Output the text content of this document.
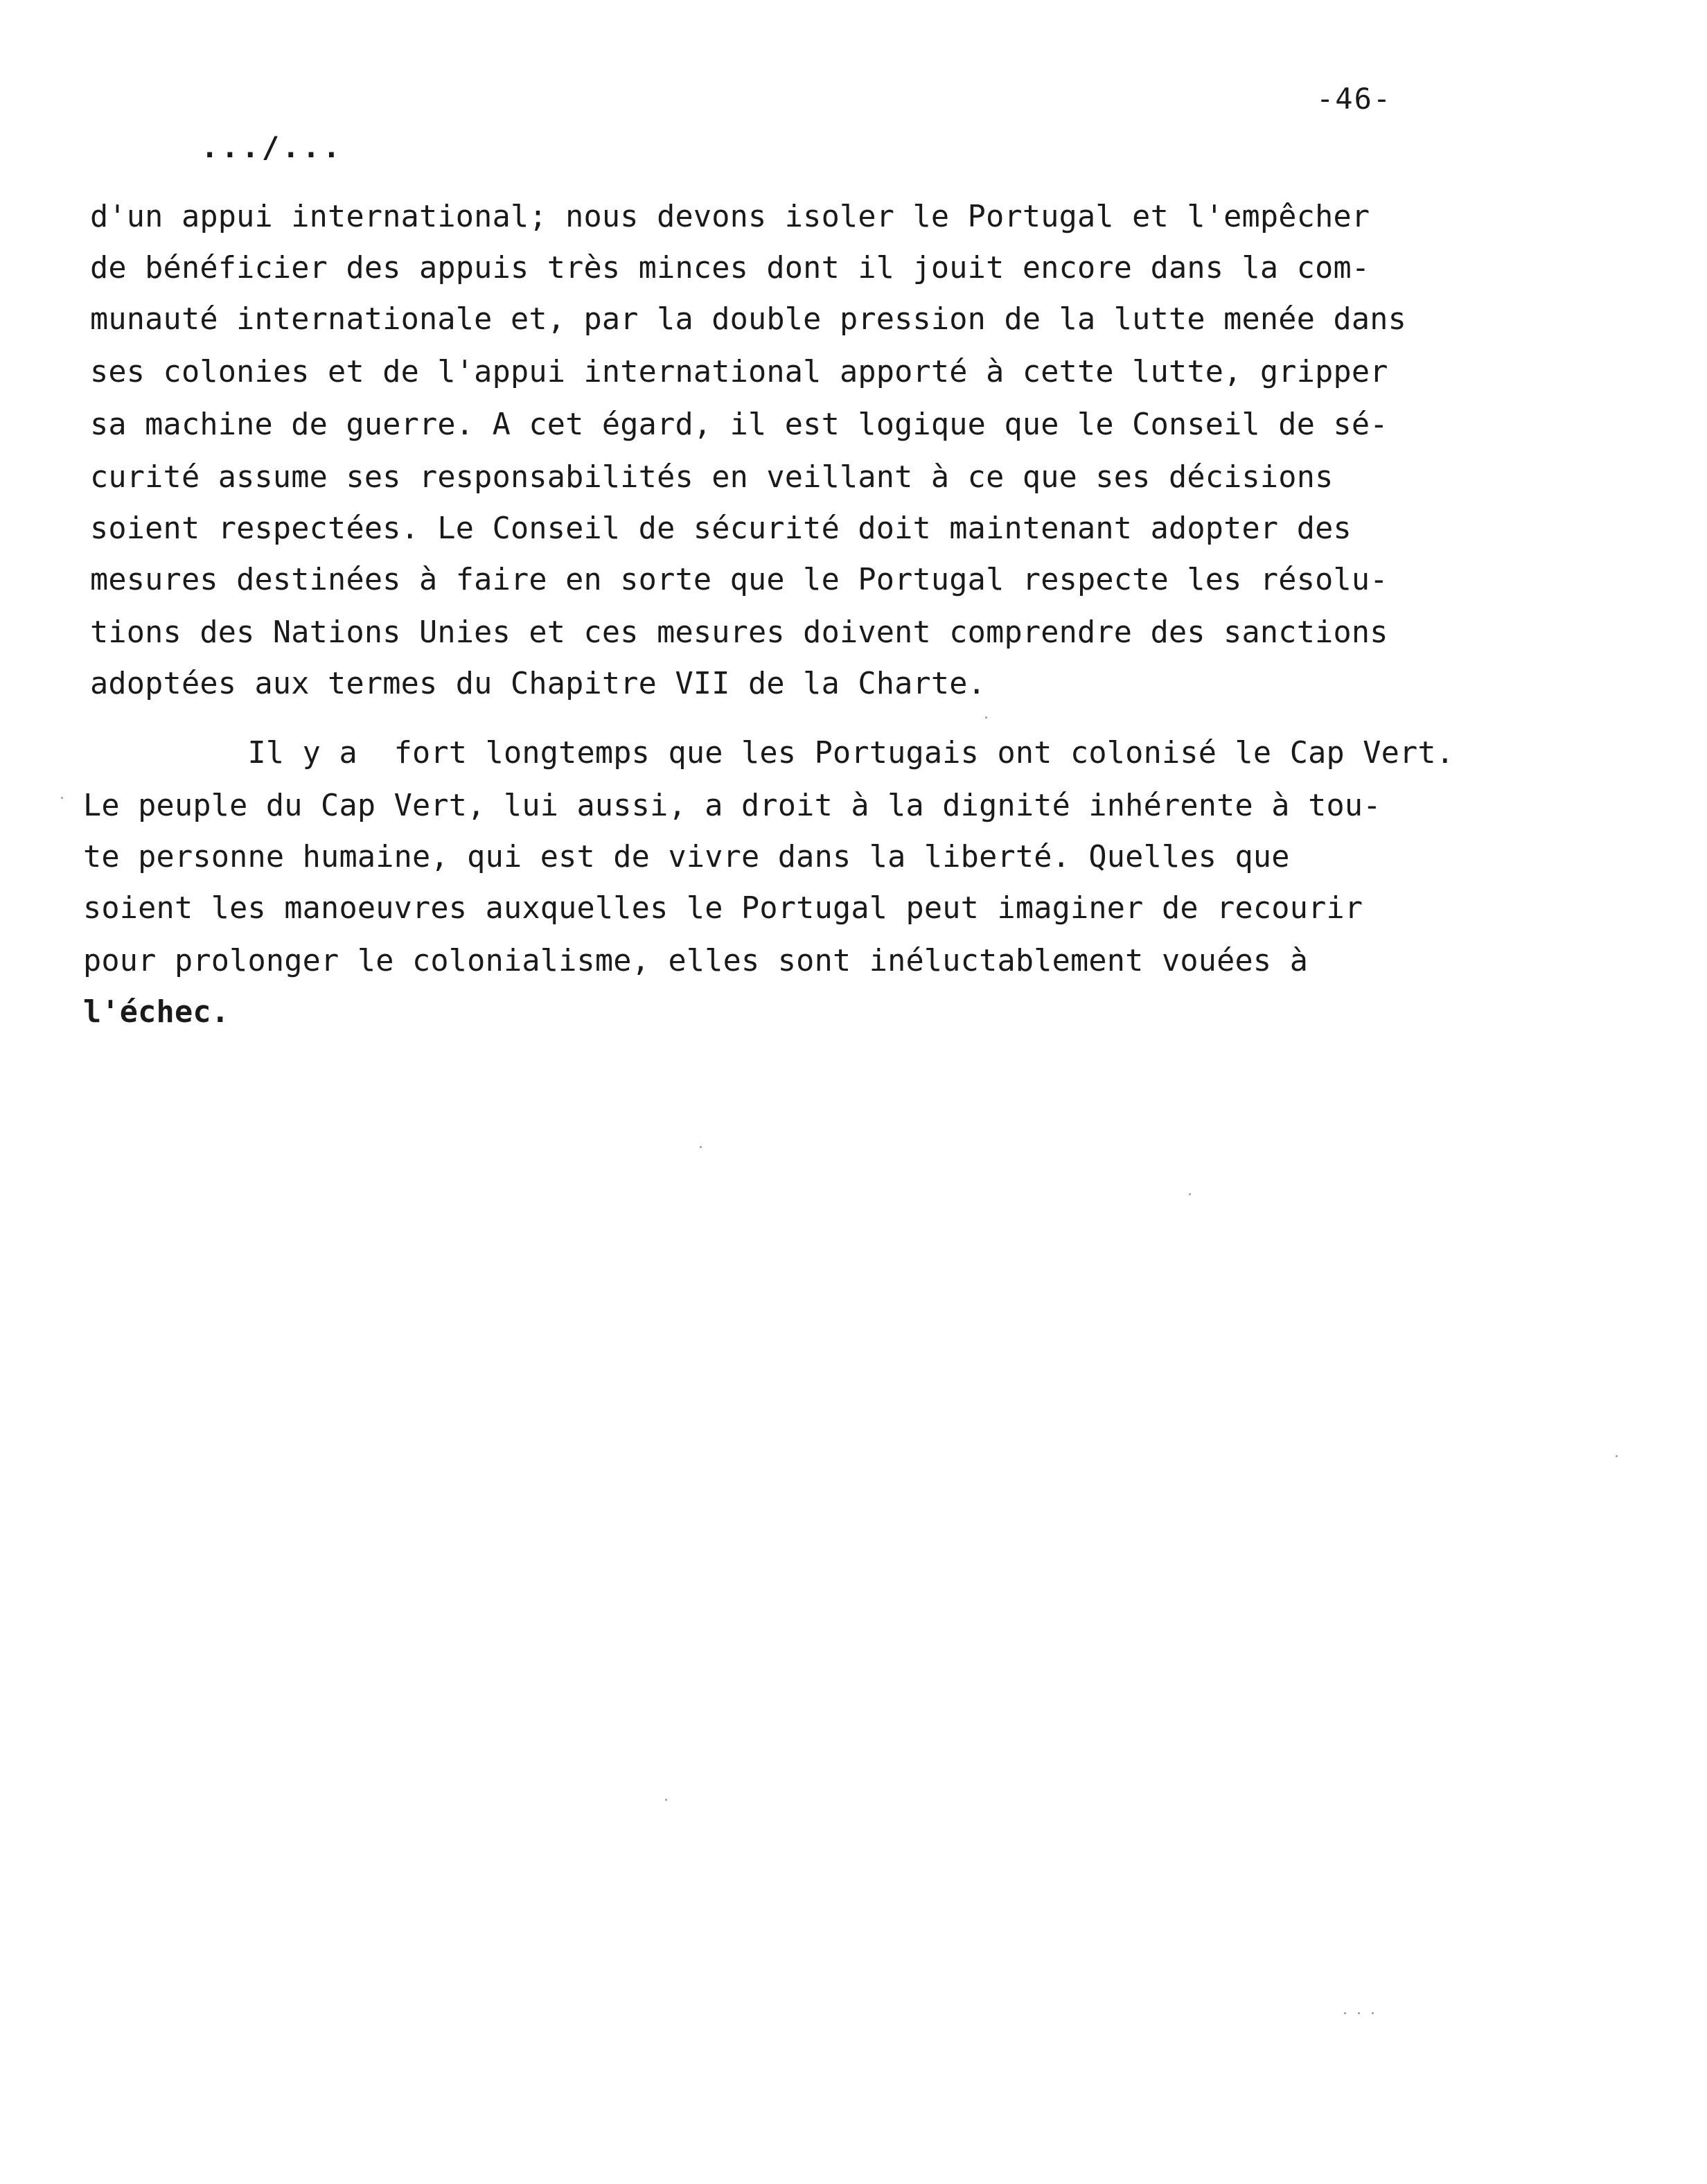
-46-
.../...
d'un appui international; nous devons isoler le Portugal et l'empêcher
de bénéficier des appuis très minces dont il jouit encore dans la com-
munauté internationale et, par la double pression de la lutte menée dans
ses colonies et de l'appui international apporté à cette lutte, gripper
sa machine de guerre. A cet égard, il est logique que le Conseil de sé-
curité assume ses responsabilités en veillant à ce que ses décisions
soient respectées. Le Conseil de sécurité doit maintenant adopter des
mesures destinées à faire en sorte que le Portugal respecte les résolu-
tions des Nations Unies et ces mesures doivent comprendre des sanctions
adoptées aux termes du Chapitre VII de la Charte.
Il y a  fort longtemps que les Portugais ont colonisé le Cap Vert.
Le peuple du Cap Vert, lui aussi, a droit à la dignité inhérente à tou-
te personne humaine, qui est de vivre dans la liberté. Quelles que
soient les manoeuvres auxquelles le Portugal peut imaginer de recourir
pour prolonger le colonialisme, elles sont inéluctablement vouées à
l'échec.
